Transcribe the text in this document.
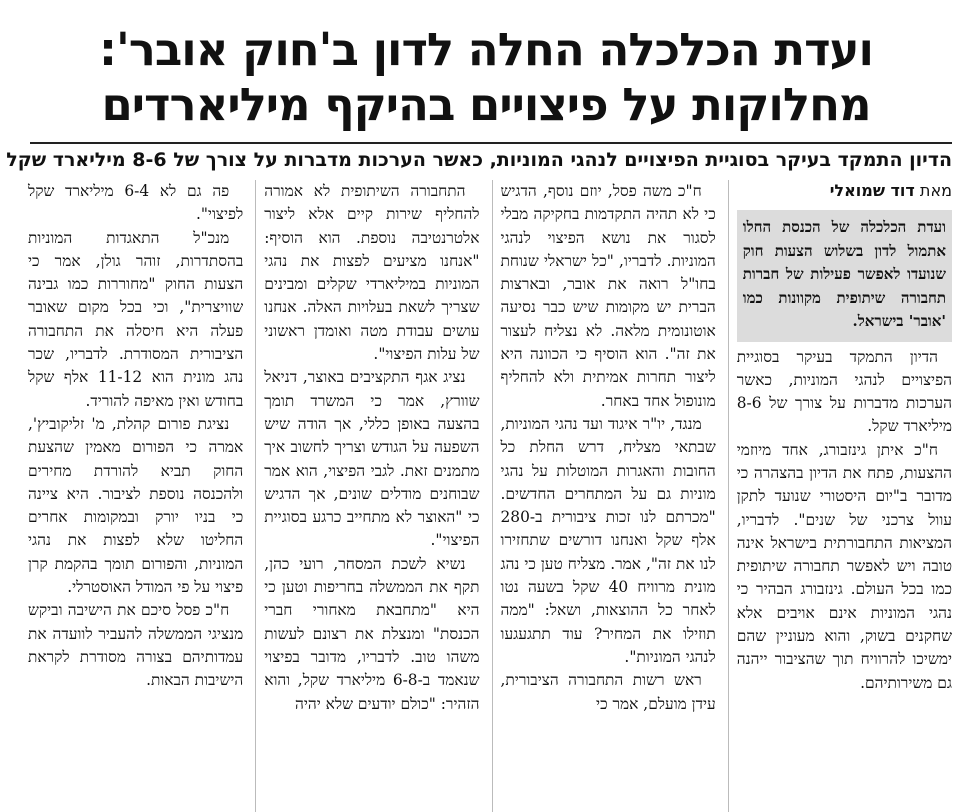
ועדת הכלכלה החלה לדון ב'חוק אובר':
מחלוקות על פיצויים בהיקף מיליארדים
הדיון התמקד בעיקר בסוגיית הפיצויים לנהגי המוניות, כאשר הערכות מדברות על צורך של 8-6 מיליארד שקל
מאת דוד שמואלי

ועדת הכלכלה של הכנסת החלו אתמול לדון בשלוש הצעות חוק שנועדו לאפשר פעילות של חברות תחבורה שיתופית מקוונות כמו 'אובר' בישראל.

הדיון התמקד בעיקר בסוגיית הפיצויים לנהגי המוניות, כאשר הערכות מדברות על צורך של 8-6 מיליארד שקל.

ח"כ איתן גינזבורג, אחד מיוזמי ההצעות, פתח את הדיון בהצהרה כי מדובר ב"יום היסטורי שנועד לתקן עוול צרכני של שנים". לדבריו, המציאות התחבורתית בישראל אינה טובה ויש לאפשר תחבורה שיתופית כמו בכל העולם. גינזבורג הבהיר כי נהגי המוניות אינם אויבים אלא שחקנים בשוק, והוא מעוניין שהם ימשיכו להרוויח תוך שהציבור ייהנה גם משירותיהם.

ח"כ משה פסל, יוזם נוסף, הדגיש כי לא תהיה התקדמות בחקיקה מבלי לסגור את נושא הפיצוי לנהגי המוניות. לדבריו, "כל ישראלי שנוחת בחו"ל רואה את אובר, ובארצות הברית יש מקומות שיש כבר נסיעה אוטונומית מלאה. לא נצליח לעצור את זה". הוא הוסיף כי הכוונה היא ליצור תחרות אמיתית ולא להחליף מונופול אחד באחר.

מנגד, יו"ר איגוד ועד נהגי המוניות, שבתאי מצליח, דרש החלת כל החובות והאגרות המוטלות על נהגי מוניות גם על המתחרים החדשים. "מכרתם לנו זכות ציבורית ב-280 אלף שקל ואנחנו דורשים שתחזירו לנו את זה", אמר. מצליח טען כי נהג מונית מרוויח 40 שקל בשעה נטו לאחר כל ההוצאות, ושאל: "ממה תוזילו את המחיר? עוד תתגעגעו לנהגי המוניות".

ראש רשות התחבורה הציבורית, עידן מועלם, אמר כי

התחבורה השיתופית לא אמורה להחליף שירות קיים אלא ליצור אלטרנטיבה נוספת. הוא הוסיף: "אנחנו מציעים לפצות את נהגי המוניות במיליארדי שקלים ומבינים שצריך לשאת בעלויות האלה. אנחנו עושים עבודת מטה ואומדן ראשוני של עלות הפיצוי".

נציג אגף התקציבים באוצר, דניאל שוורץ, אמר כי המשרד תומך בהצעה באופן כללי, אך הודה שיש השפעה על הגודש וצריך לחשוב איך מתמנים זאת. לגבי הפיצוי, הוא אמר שבוחנים מודלים שונים, אך הדגיש כי "האוצר לא מתחייב כרגע בסוגיית הפיצוי".

נשיא לשכת המסחר, רועי כהן, תקף את הממשלה בחריפות וטען כי היא "מתחבאת מאחורי חברי הכנסת" ומנצלת את רצונם לעשות משהו טוב. לדבריו, מדובר בפיצוי שנאמד ב-6-8 מיליארד שקל, והוא הזהיר: "כולם יודעים שלא יהיה

פה גם לא 6-4 מיליארד שקל לפיצוי".

מנכ"ל התאגדות המוניות בהסתדרות, זוהר גולן, אמר כי הצעות החוק "מחוררות כמו גבינה שוויצרית", וכי בכל מקום שאובר פעלה היא חיסלה את התחבורה הציבורית המסודרת. לדבריו, שכר נהג מונית הוא 11-12 אלף שקל בחודש ואין מאיפה להוריד.

נציגת פורום קהלת, מ' זליקוביץ', אמרה כי הפורום מאמין שהצעת החוק תביא להורדת מחירים ולהכנסה נוספת לציבור. היא ציינה כי בניו יורק ובמקומות אחרים החליטו שלא לפצות את נהגי המוניות, והפורום תומך בהקמת קרן פיצוי על פי המודל האוסטרלי.

ח"כ פסל סיכם את הישיבה וביקש מנציגי הממשלה להעביר לוועדה את עמדותיהם בצורה מסודרת לקראת הישיבות הבאות.
